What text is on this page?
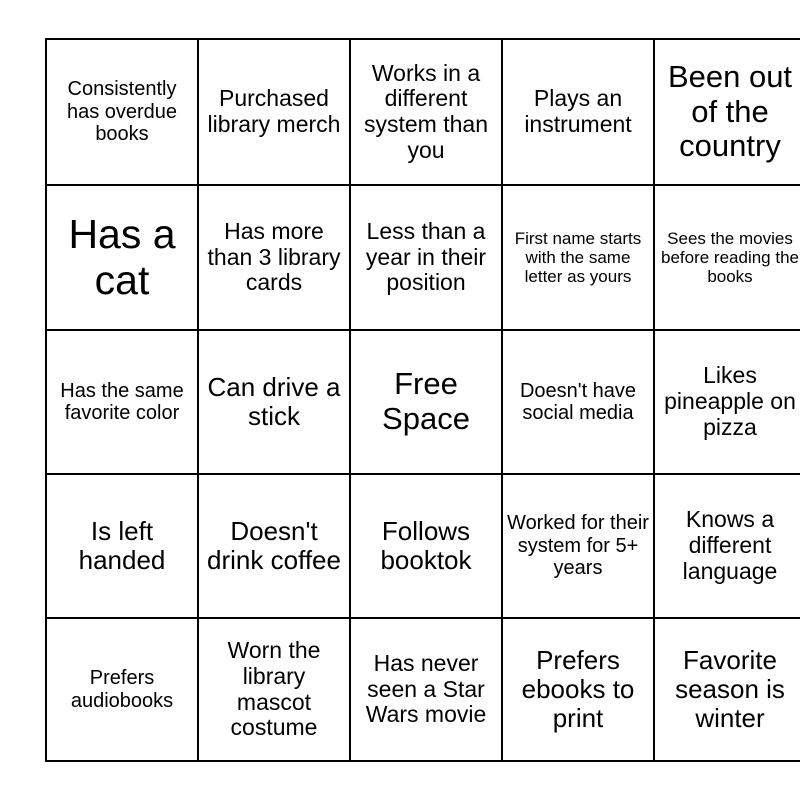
Consistently has overdue books	Purchased library merch	Works in a different system than you	Plays an instrument	Been out of the country

Has a cat	Has more than 3 library cards	Less than a year in their position	First name starts with the same letter as yours	Sees the movies before reading the books

Has the same favorite color	Can drive a stick	Free Space	Doesn't have social media	Likes pineapple on pizza

Is left handed	Doesn't drink coffee	Follows booktok	Worked for their system for 5+ years	Knows a different language

Prefers audiobooks	Worn the library mascot costume	Has never seen a Star Wars movie	Prefers ebooks to print	Favorite season is winter
